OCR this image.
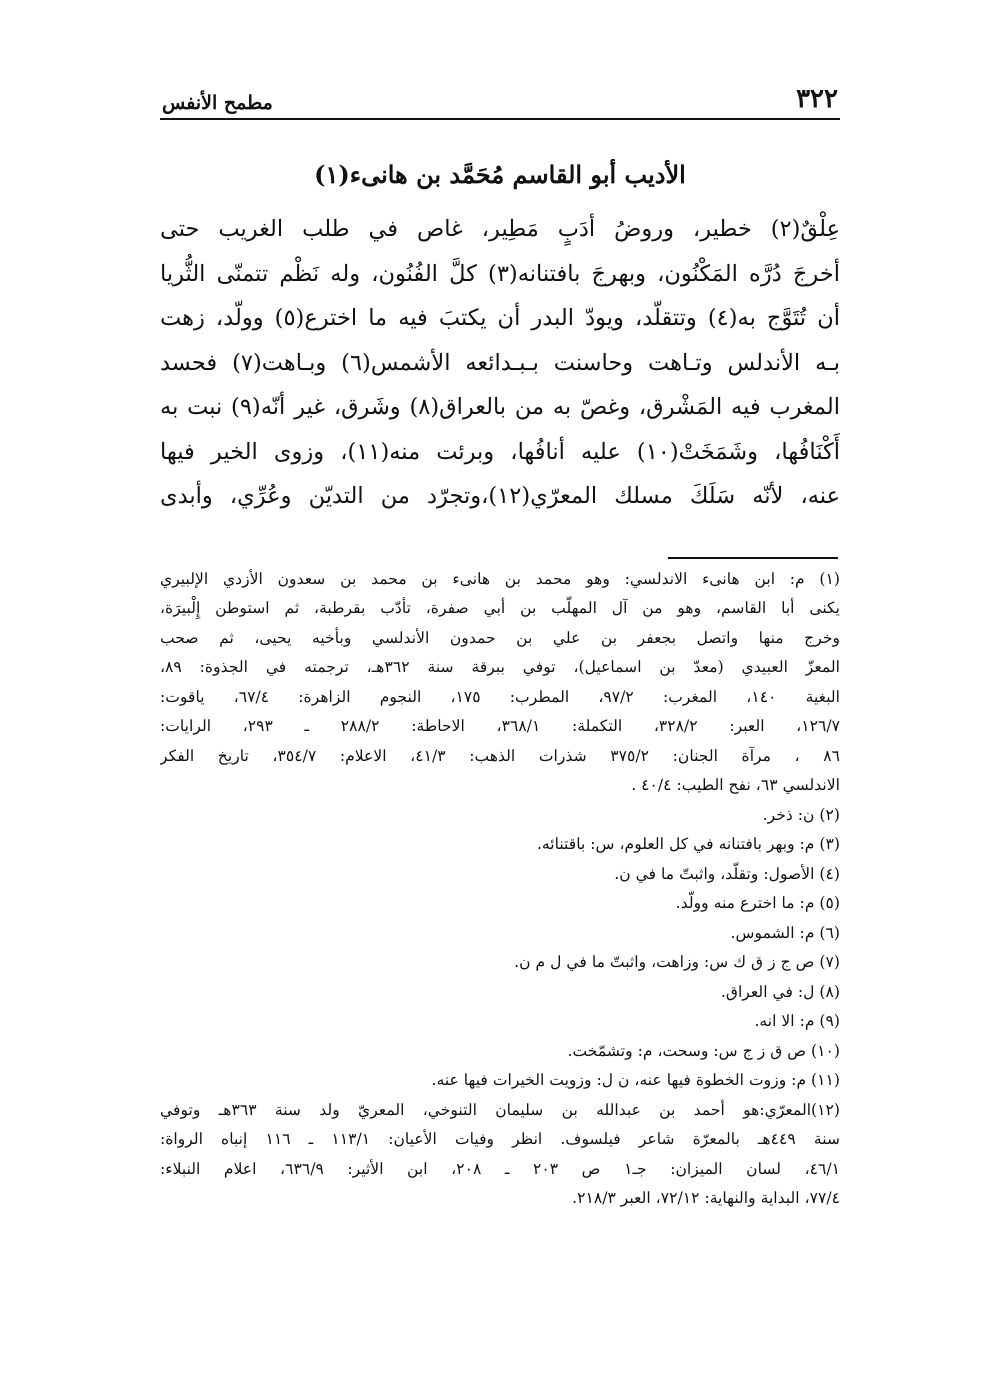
٣٢٢
مطمح الأنفس
الأديب أبو القاسم مُحَمَّد بن هانىء(١)
عِلْقٌ(٢) خطير، وروضُ أدَبٍ مَطِير، غاص في طلب الغريب حتى
أخرجَ دُرَّه المَكْنُون، وبهرجَ بافتنانه(٣) كلَّ الفُنُون، وله نَظْم تتمنّى الثُّريا
أن تُتَوَّج به(٤) وتتقلّد، ويودّ البدر أن يكتبَ فيه ما اخترع(٥) وولّد، زهت
بـه الأندلس وتـاهت وحاسنت بـبـدائعه الأشمس(٦) وبـاهت(٧) فحسد
المغرب فيه المَشْرق، وغصّ به من بالعراق(٨) وشَرق، غير أنّه(٩) نبت به
أَكْنَافُها، وشَمَخَتْ(١٠) عليه أنافُها، وبرئت منه(١١)، وزوى الخير فيها
عنه، لأنّه سَلَكَ مسلك المعرّي(١٢)،وتجرّد من التديّن وعُرِّي، وأبدى
(١) م: ابن هانىء الاندلسي: وهو محمد بن هانىء بن محمد بن سعدون الأزدي الإلبيري
يكنى أبا القاسم، وهو من آل المهلّب بن أبي صفرة، تأدّب بقرطبة، ثم استوطن إِلْبيرَة،
وخرج منها واتصل بجعفر بن علي بن حمدون الأندلسي وبأخيه يحيى، ثم صحب
المعزّ العبيدي (معدّ بن اسماعيل)، توفي ببرقة سنة ٣٦٢هـ، ترجمته في الجذوة: ٨٩،
البغية ١٤٠، المغرب: ٩٧/٢، المطرب: ١٧٥، النجوم الزاهرة: ٦٧/٤، ياقوت:
١٢٦/٧، العبر: ٣٢٨/٢، التكملة: ٣٦٨/١، الاحاطة: ٢٨٨/٢ ـ ٢٩٣، الرايات:
٨٦ ، مرآة الجنان: ٣٧٥/٢ شذرات الذهب: ٤١/٣، الاعلام: ٣٥٤/٧، تاريخ الفكر
الاندلسي ٦٣، نفح الطيب: ٤٠/٤ .
(٢) ن: ذخر.
(٣) م: وبهر بافتنانه في كل العلوم، س: باقتنائه.
(٤) الأصول: وتقلّد، واثبتّ ما في ن.
(٥) م: ما اخترع منه وولّد.
(٦) م: الشموس.
(٧) ص ج ز ق ك س: وزاهت، واثبتّ ما في ل م ن.
(٨) ل: في العراق.
(٩) م: الا انه.
(١٠) ص ق ز ج س: وسحت، م: وتشمّخت.
(١١) م: وزوت الخطوة فيها عنه، ن ل: وزويت الخيرات فيها عنه.
(١٢)المعرّي:هو أحمد بن عبدالله بن سليمان التنوخي، المعريّ ولد سنة ٣٦٣هـ وتوفي
سنة ٤٤٩هـ بالمعرّة شاعر فيلسوف. انظر وفيات الأعيان: ١١٣/١ ـ ١١٦ إنباه الرواة:
٤٦/١، لسان الميزان: جـ١ ص ٢٠٣ ـ ٢٠٨، ابن الأثير: ٦٣٦/٩، اعلام النبلاء:
٧٧/٤، البداية والنهاية: ٧٢/١٢، العبر ٢١٨/٣.
